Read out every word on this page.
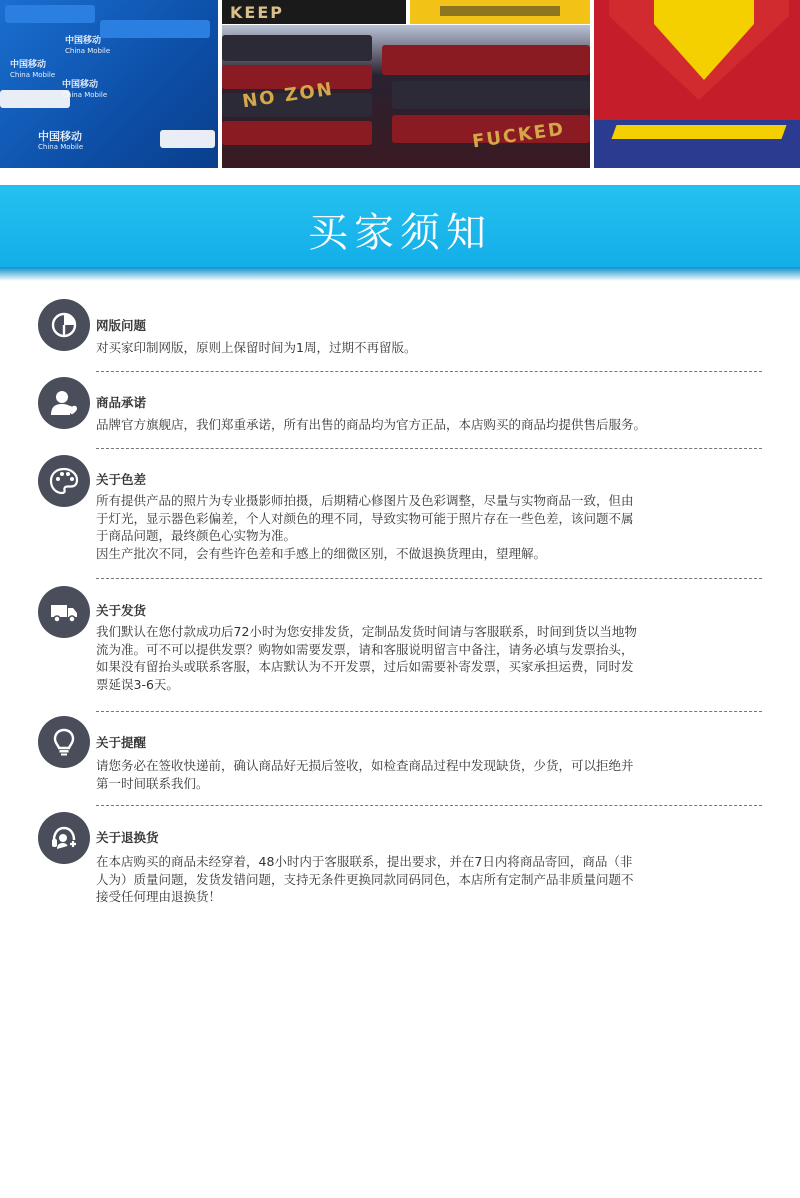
中国移动
China Mobile
中国移动
China Mobile
中国移动
China Mobile
中国移动
China Mobile
KEEP
NO ZON
FUCKED
买家须知

网版问题

对买家印制网版，原则上保留时间为1周，过期不再留版。

商品承诺

品牌官方旗舰店，我们郑重承诺，所有出售的商品均为官方正品，本店购买的商品均提供售后服务。

关于色差

所有提供产品的照片为专业摄影师拍摄，后期精心修图片及色彩调整，尽量与实物商品一致，但由

于灯光，显示器色彩偏差，个人对颜色的理不同，导致实物可能于照片存在一些色差，该问题不属

于商品问题，最终颜色心实物为准。

因生产批次不同，会有些许色差和手感上的细微区别，不做退换货理由，望理解。

关于发货

我们默认在您付款成功后72小时为您安排发货，定制品发货时间请与客服联系，时间到货以当地物

流为准。可不可以提供发票？购物如需要发票，请和客服说明留言中备注，请务必填与发票抬头，

如果没有留抬头或联系客服，本店默认为不开发票，过后如需要补寄发票，买家承担运费，同时发

票延误3-6天。

关于提醒

请您务必在签收快递前，确认商品好无损后签收，如检查商品过程中发现缺货，少货，可以拒绝并

第一时间联系我们。

关于退换货

在本店购买的商品未经穿着，48小时内于客服联系，提出要求，并在7日内将商品寄回，商品（非

人为）质量问题，发货发错问题，支持无条件更换同款同码同色，本店所有定制产品非质量问题不

接受任何理由退换货！
